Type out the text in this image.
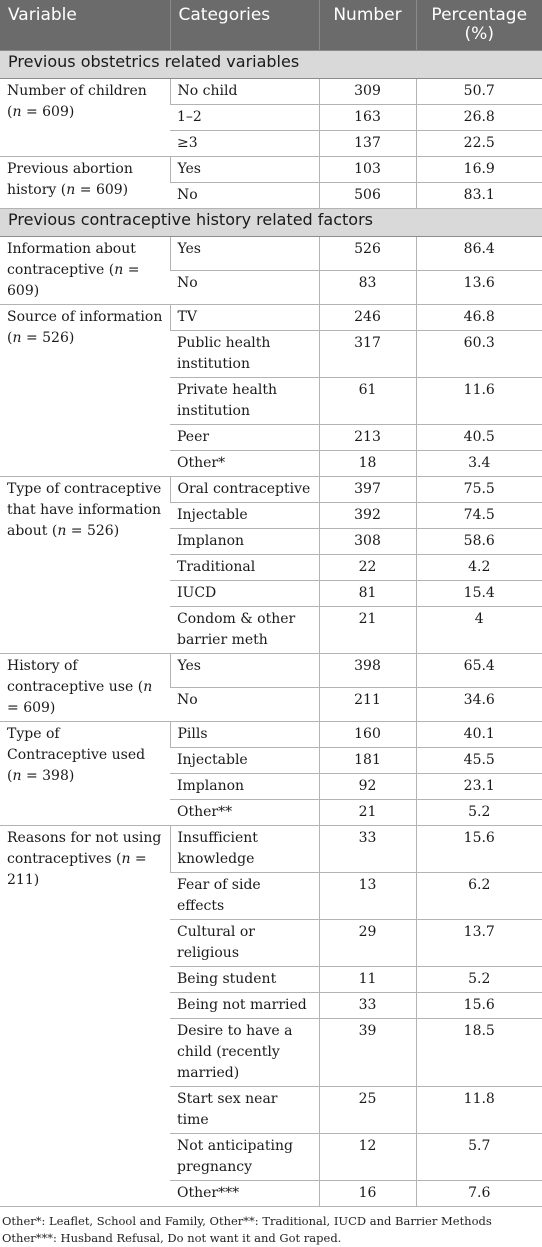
Variable	Categories	Number	Percentage (%)
Previous obstetrics related variables			
Number of children (n = 609)	No child	309	50.7
	1–2	163	26.8
	≥3	137	22.5
Previous abortion history (n = 609)	Yes	103	16.9
	No	506	83.1
Previous contraceptive history related factors			
Information about contraceptive (n = 609)	Yes	526	86.4
	No	83	13.6
Source of information (n = 526)	TV	246	46.8
	Public health institution	317	60.3
	Private health institution	61	11.6
	Peer	213	40.5
	Other*	18	3.4
Type of contraceptive that have information about (n = 526)	Oral contraceptive	397	75.5
	Injectable	392	74.5
	Implanon	308	58.6
	Traditional	22	4.2
	IUCD	81	15.4
	Condom & other barrier meth	21	4
History of contraceptive use (n = 609)	Yes	398	65.4
	No	211	34.6
Type of Contraceptive used (n = 398)	Pills	160	40.1
	Injectable	181	45.5
	Implanon	92	23.1
	Other**	21	5.2
Reasons for not using contraceptives (n = 211)	Insufficient knowledge	33	15.6
	Fear of side effects	13	6.2
	Cultural or religious	29	13.7
	Being student	11	5.2
	Being not married	33	15.6
	Desire to have a child (recently married)	39	18.5
	Start sex near time	25	11.8
	Not anticipating pregnancy	12	5.7
	Other***	16	7.6
Other*: Leaflet, School and Family, Other**: Traditional, IUCD and Barrier Methods
Other***: Husband Refusal, Do not want it and Got raped.
